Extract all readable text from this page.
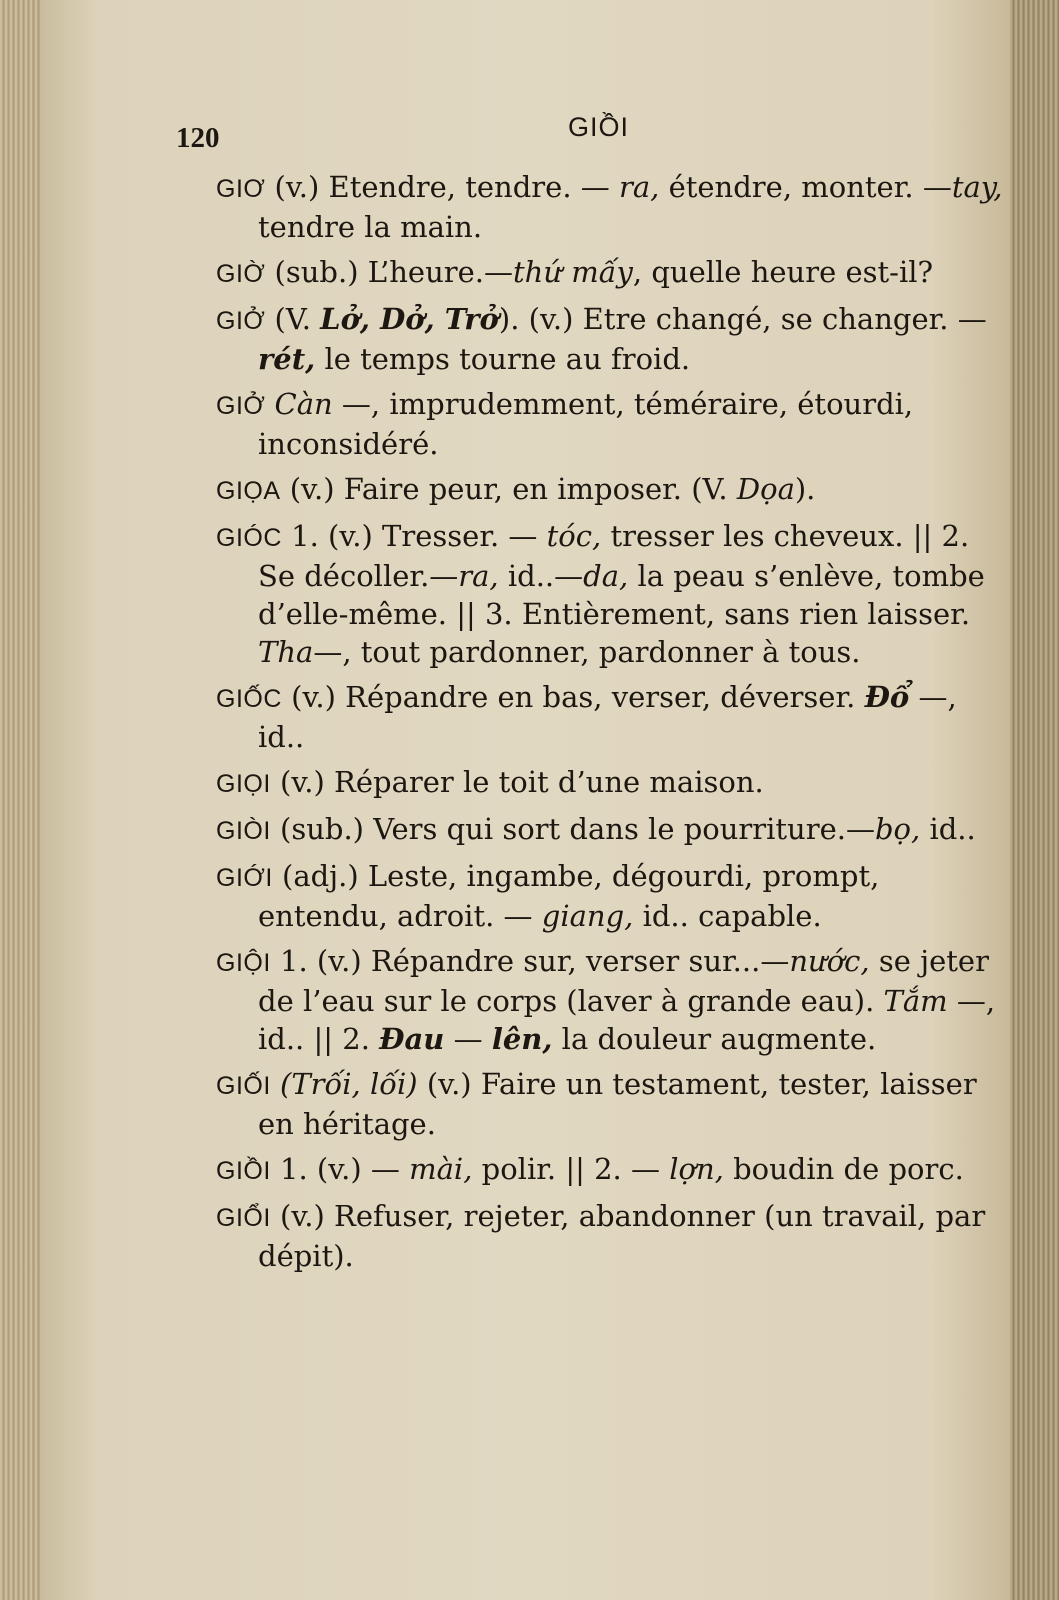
120	GIỒI
GIƠ (v.) Etendre, tendre. — ra, étendre, monter. —tay, tendre la main.
GIỜ (sub.) L’heure.—thứ mấy, quelle heure est-il?
GIỞ (V. Lở, Dở, Trở). (v.) Etre changé, se changer. —rét, le temps tourne au froid.
GIỞ Càn —, imprudemment, téméraire, étourdi, inconsidéré.
GIỌA (v.) Faire peur, en imposer. (V. Dọa).
GIÓC 1. (v.) Tresser. — tóc, tresser les cheveux. || 2. Se décoller.—ra, id..—da, la peau s’enlève, tombe d’elle-même. || 3. Entièrement, sans rien laisser. Tha—, tout pardonner, pardonner à tous.
GIỐC (v.) Répandre en bas, verser, déverser. Đổ —, id..
GIỌI (v.) Réparer le toit d’une maison.
GIÒI (sub.) Vers qui sort dans le pourriture.—bọ, id..
GIỚI (adj.) Leste, ingambe, dégourdi, prompt, entendu, adroit. — giang, id.. capable.
GIỘI 1. (v.) Répandre sur, verser sur...—nước, se jeter de l’eau sur le corps (laver à grande eau). Tắm —, id.. || 2. Đau — lên, la douleur augmente.
GIỐI (Trối, lối) (v.) Faire un testament, tester, laisser en héritage.
GIỒI 1. (v.) — mài, polir. || 2. — lợn, boudin de porc.
GIỔI (v.) Refuser, rejeter, abandonner (un travail, par dépit).
